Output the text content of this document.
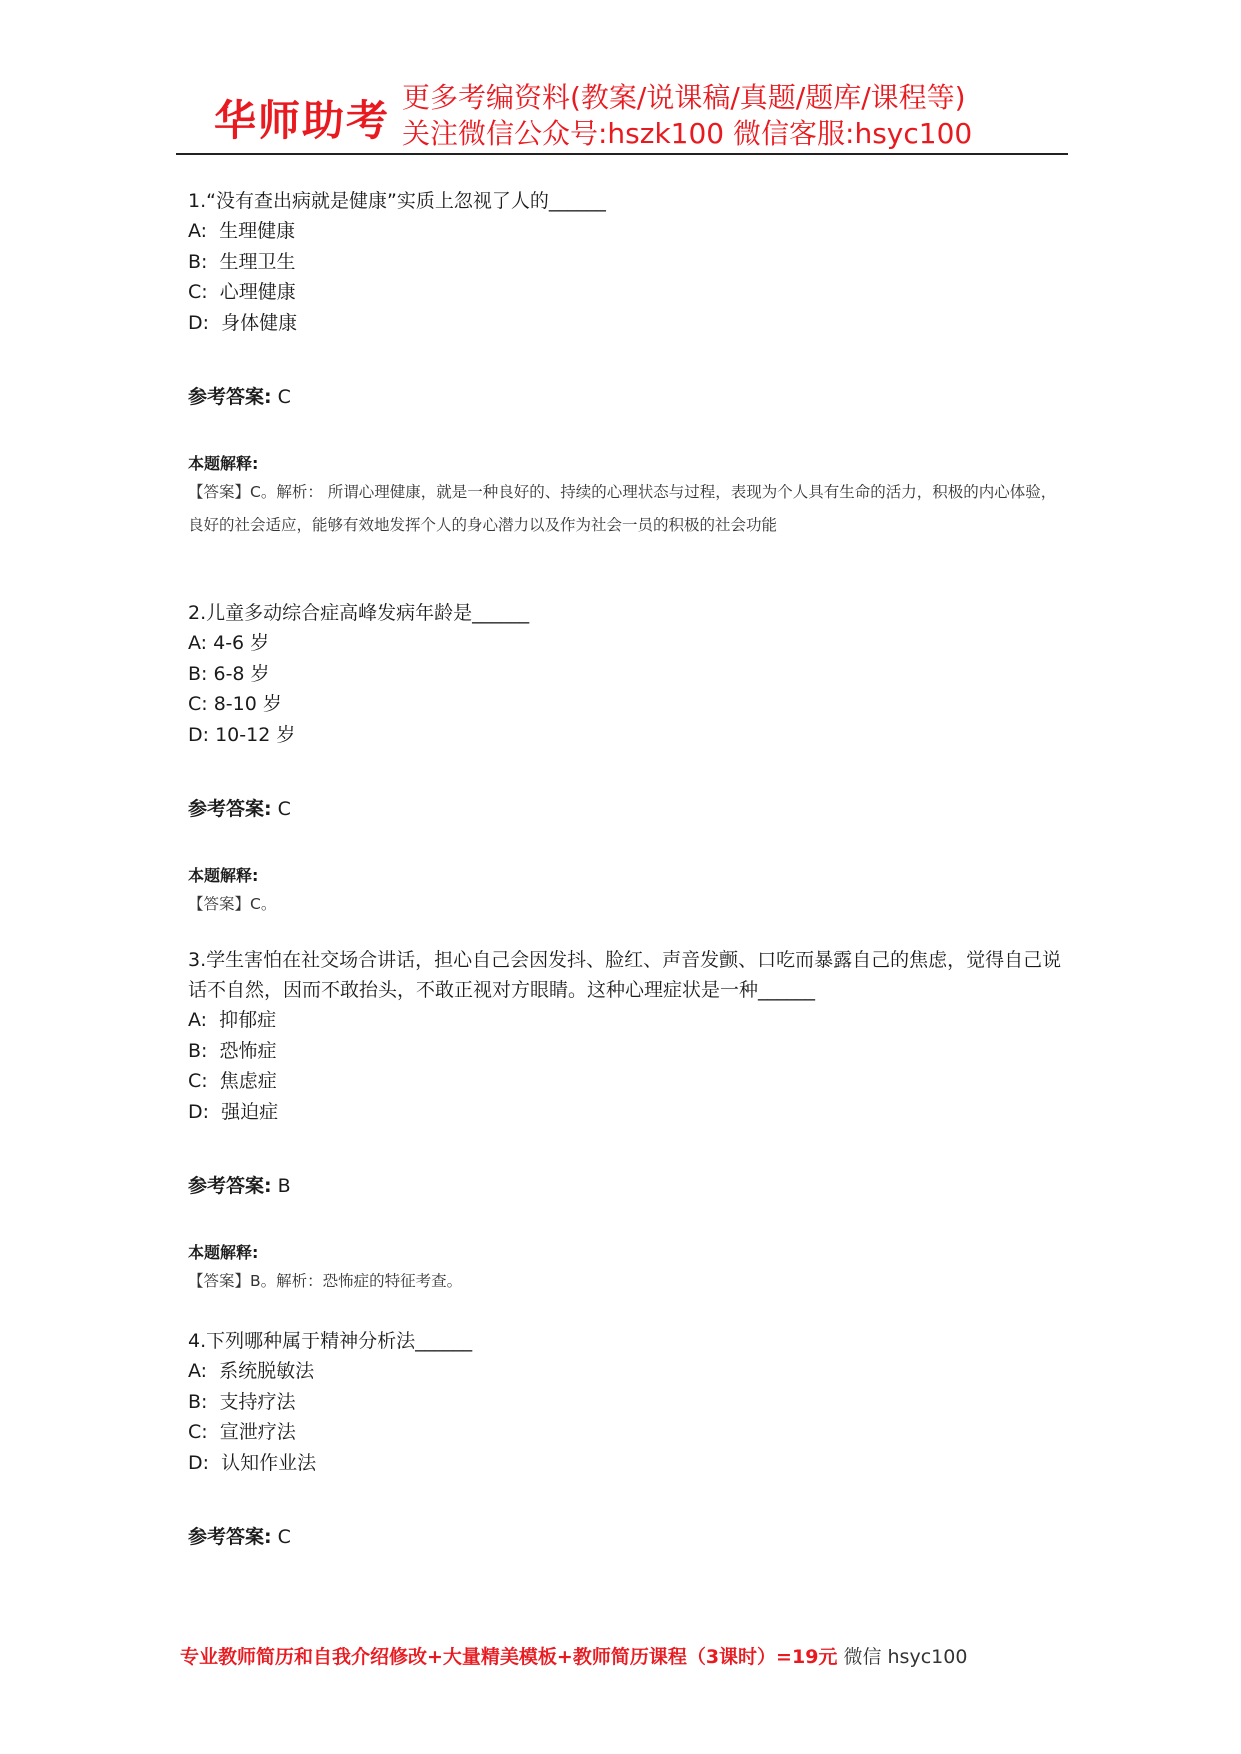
华师助考 更多考编资料(教案/说课稿/真题/题库/课程等)
关注微信公众号:hszk100 微信客服:hsyc100

1.“没有查出病就是健康”实质上忽视了人的______

A:  生理健康

B:  生理卫生

C:  心理健康

D:  身体健康

参考答案: C
本题解释:
【答案】C。解析： 所谓心理健康，就是一种良好的、持续的心理状态与过程，表现为个人具有生命的活力，积极的内心体验， 良好的社会适应，能够有效地发挥个人的身心潜力以及作为社会一员的积极的社会功能

2.儿童多动综合症高峰发病年龄是______

A: 4-6 岁

B: 6-8 岁

C: 8-10 岁

D: 10-12 岁

参考答案: C
本题解释:
【答案】C。

3.学生害怕在社交场合讲话，担心自己会因发抖、脸红、声音发颤、口吃而暴露自己的焦虑，觉得自己说话不自然，因而不敢抬头，不敢正视对方眼睛。这种心理症状是一种______

A:  抑郁症

B:  恐怖症

C:  焦虑症

D:  强迫症

参考答案: B
本题解释:
【答案】B。解析：恐怖症的特征考查。

4.下列哪种属于精神分析法______

A:  系统脱敏法

B:  支持疗法

C:  宣泄疗法

D:  认知作业法

参考答案: C
专业教师简历和自我介绍修改+大量精美模板+教师简历课程（3课时）=19元 微信 hsyc100
